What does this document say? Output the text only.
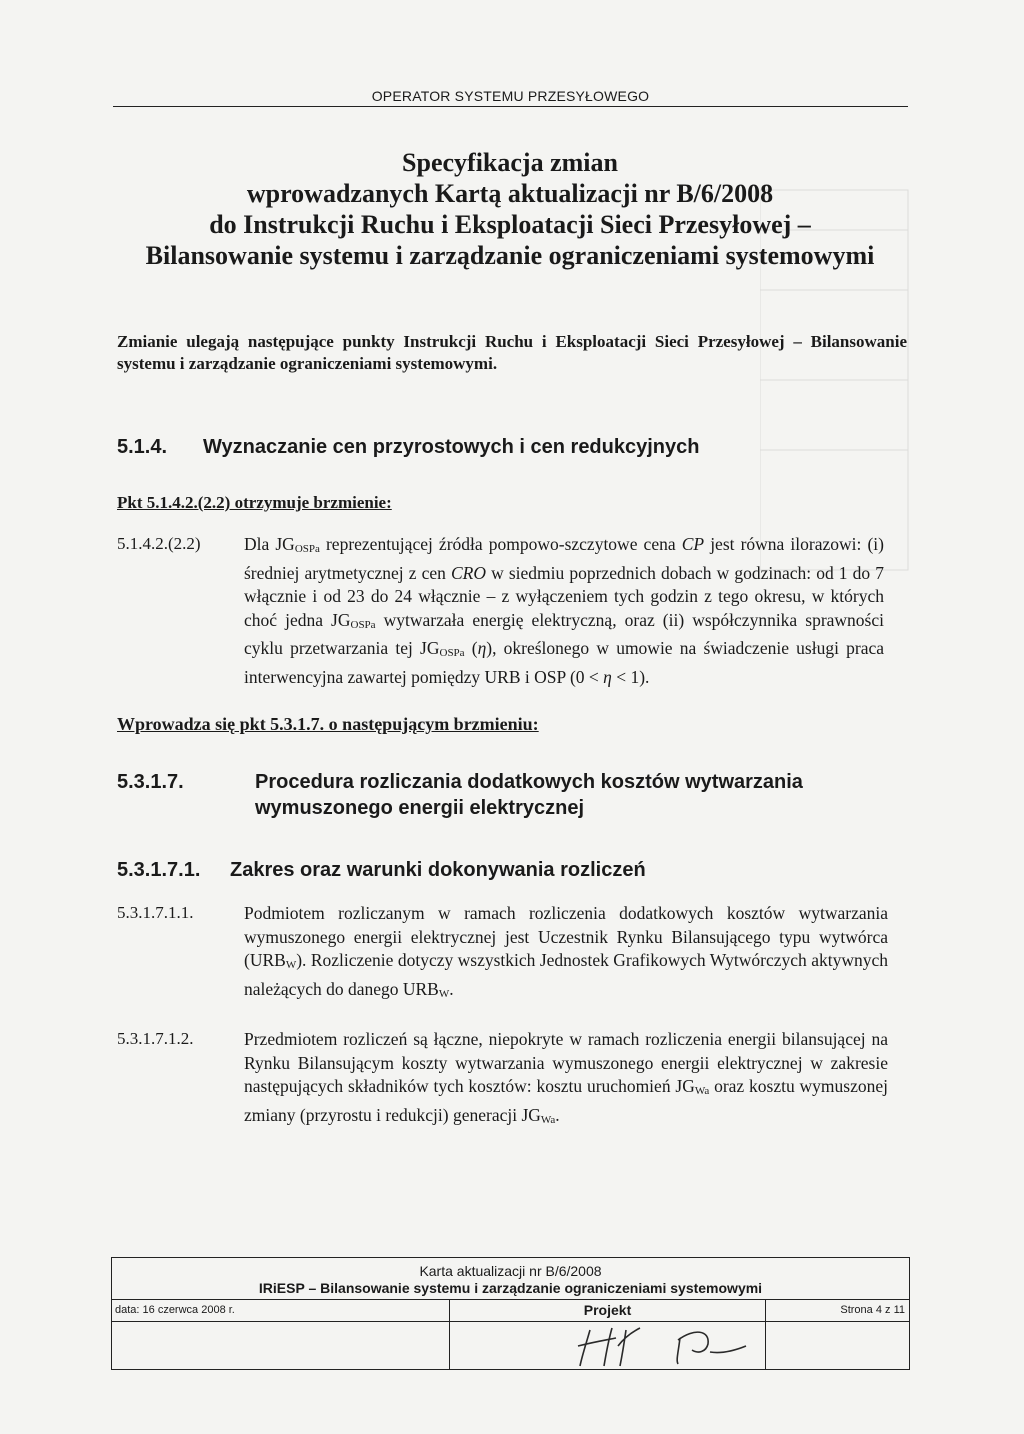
OPERATOR SYSTEMU PRZESYŁOWEGO
Specyfikacja zmian
wprowadzanych Kartą aktualizacji nr B/6/2008
do Instrukcji Ruchu i Eksploatacji Sieci Przesyłowej –
Bilansowanie systemu i zarządzanie ograniczeniami systemowymi
Zmianie ulegają następujące punkty Instrukcji Ruchu i Eksploatacji Sieci Przesyłowej – Bilansowanie systemu i zarządzanie ograniczeniami systemowymi.
5.1.4. Wyznaczanie cen przyrostowych i cen redukcyjnych
Pkt 5.1.4.2.(2.2) otrzymuje brzmienie:
5.1.4.2.(2.2) Dla $JG_{OSPa}$ reprezentującej źródła pompowo-szczytowe cena CP jest równa ilorazowi: (i) średniej arytmetycznej z cen CRO w siedmiu poprzednich dobach w godzinach: od 1 do 7 włącznie i od 23 do 24 włącznie – z wyłączeniem tych godzin z tego okresu, w których choć jedna $JG_{OSPa}$ wytwarzała energię elektryczną, oraz (ii) współczynnika sprawności cyklu przetwarzania tej $JG_{OSPa}$ (η), określonego w umowie na świadczenie usługi praca interwencyjna zawartej pomiędzy URB i OSP (0 < η < 1).
Wprowadza się pkt 5.3.1.7. o następującym brzmieniu:
5.3.1.7.	Procedura rozliczania dodatkowych kosztów wytwarzania
wymuszonego energii elektrycznej
5.3.1.7.1. Zakres oraz warunki dokonywania rozliczeń
5.3.1.7.1.1.	Podmiotem rozliczanym w ramach rozliczenia dodatkowych kosztów wytwarzania wymuszonego energii elektrycznej jest Uczestnik Rynku Bilansującego typu wytwórca $(URB_W)$. Rozliczenie dotyczy wszystkich Jednostek Grafikowych Wytwórczych aktywnych należących do danego $URB_W$.
5.3.1.7.1.2.	Przedmiotem rozliczeń są łączne, niepokryte w ramach rozliczenia energii bilansującej na Rynku Bilansującym koszty wytwarzania wymuszonego energii elektrycznej w zakresie następujących składników tych kosztów: kosztu uruchomień $JG_{Wa}$ oraz kosztu wymuszonej zmiany (przyrostu i redukcji) generacji $JG_{Wa}$.
Karta aktualizacji nr B/6/2008
IRiESP – Bilansowanie systemu i zarządzanie ograniczeniami systemowymi
data: 16 czerwca 2008 r.	Projekt	Strona 4 z 11
